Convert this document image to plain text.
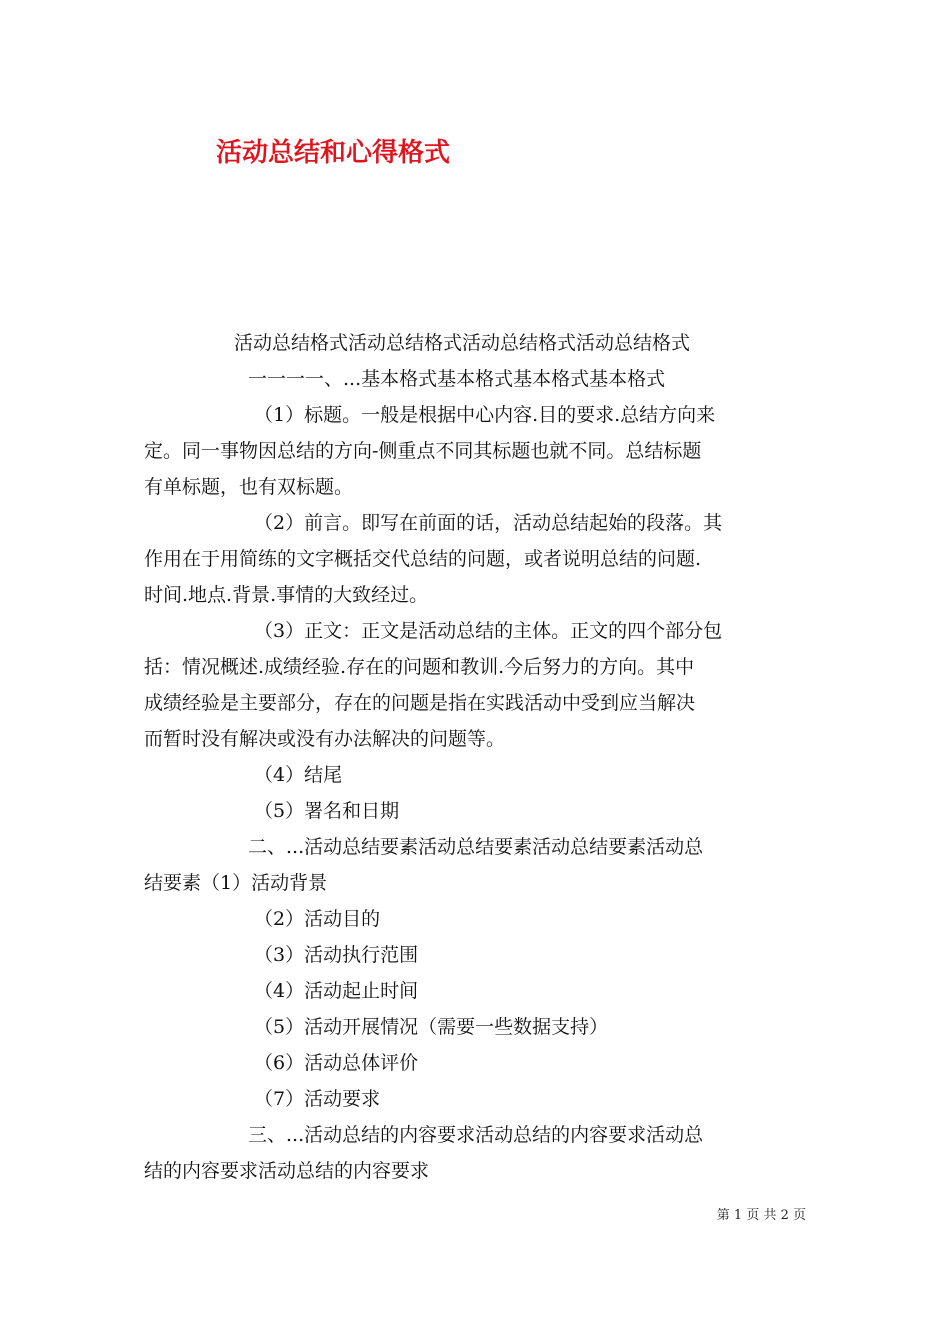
活动总结和心得格式
活动总结格式活动总结格式活动总结格式活动总结格式
一一一一、...基本格式基本格式基本格式基本格式
（1）标题。一般是根据中心内容.目的要求.总结方向来
定。同一事物因总结的方向-侧重点不同其标题也就不同。总结标题
有单标题，也有双标题。
（2）前言。即写在前面的话，活动总结起始的段落。其
作用在于用简练的文字概括交代总结的问题，或者说明总结的问题.
时间.地点.背景.事情的大致经过。
（3）正文：正文是活动总结的主体。正文的四个部分包
括：情况概述.成绩经验.存在的问题和教训.今后努力的方向。其中
成绩经验是主要部分，存在的问题是指在实践活动中受到应当解决
而暂时没有解决或没有办法解决的问题等。
（4）结尾
（5）署名和日期
二、...活动总结要素活动总结要素活动总结要素活动总
结要素（1）活动背景
（2）活动目的
（3）活动执行范围
（4）活动起止时间
（5）活动开展情况（需要一些数据支持）
（6）活动总体评价
（7）活动要求
三、...活动总结的内容要求活动总结的内容要求活动总
结的内容要求活动总结的内容要求
第 1 页 共 2 页
